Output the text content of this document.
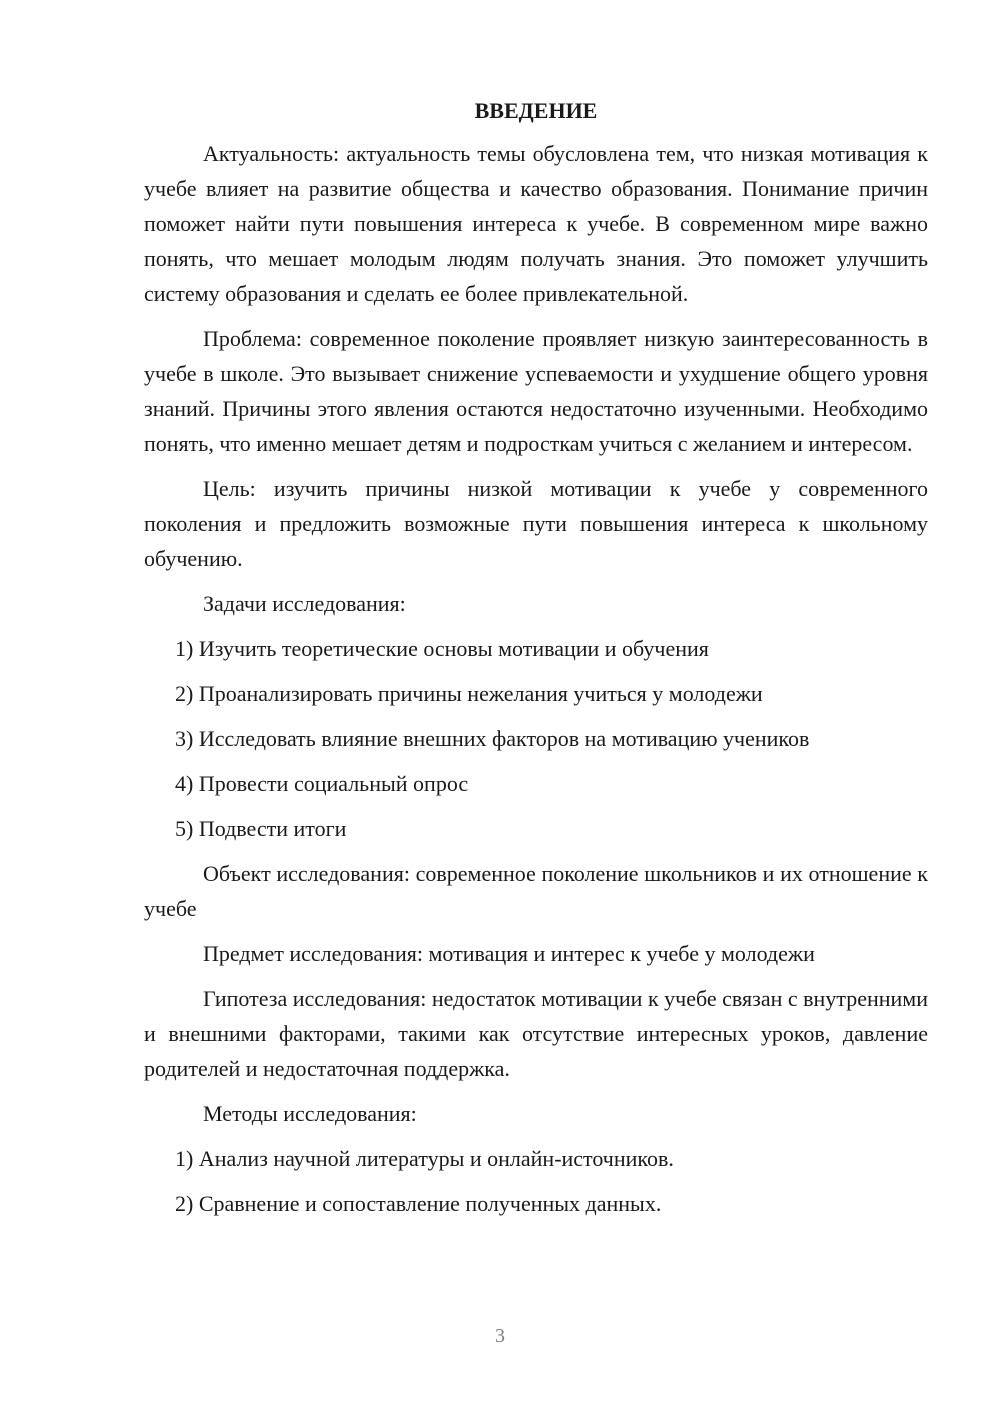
ВВЕДЕНИЕ

Актуальность: актуальность темы обусловлена тем, что низкая мотивация к учебе влияет на развитие общества и качество образования. Понимание причин поможет найти пути повышения интереса к учебе. В современном мире важно понять, что мешает молодым людям получать знания. Это поможет улучшить систему образования и сделать ее более привлекательной.

Проблема: современное поколение проявляет низкую заинтересованность в учебе в школе. Это вызывает снижение успеваемости и ухудшение общего уровня знаний. Причины этого явления остаются недостаточно изученными. Необходимо понять, что именно мешает детям и подросткам учиться с желанием и интересом.

Цель: изучить причины низкой мотивации к учебе у современного поколения и предложить возможные пути повышения интереса к школьному обучению.

Задачи исследования:

1) Изучить теоретические основы мотивации и обучения
2) Проанализировать причины нежелания учиться у молодежи
3) Исследовать влияние внешних факторов на мотивацию учеников
4) Провести социальный опрос
5) Подвести итоги

Объект исследования: современное поколение школьников и их отношение к учебе

Предмет исследования: мотивация и интерес к учебе у молодежи

Гипотеза исследования: недостаток мотивации к учебе связан с внутренними и внешними факторами, такими как отсутствие интересных уроков, давление родителей и недостаточная поддержка.

Методы исследования:

1) Анализ научной литературы и онлайн-источников.
2) Сравнение и сопоставление полученных данных.
3
